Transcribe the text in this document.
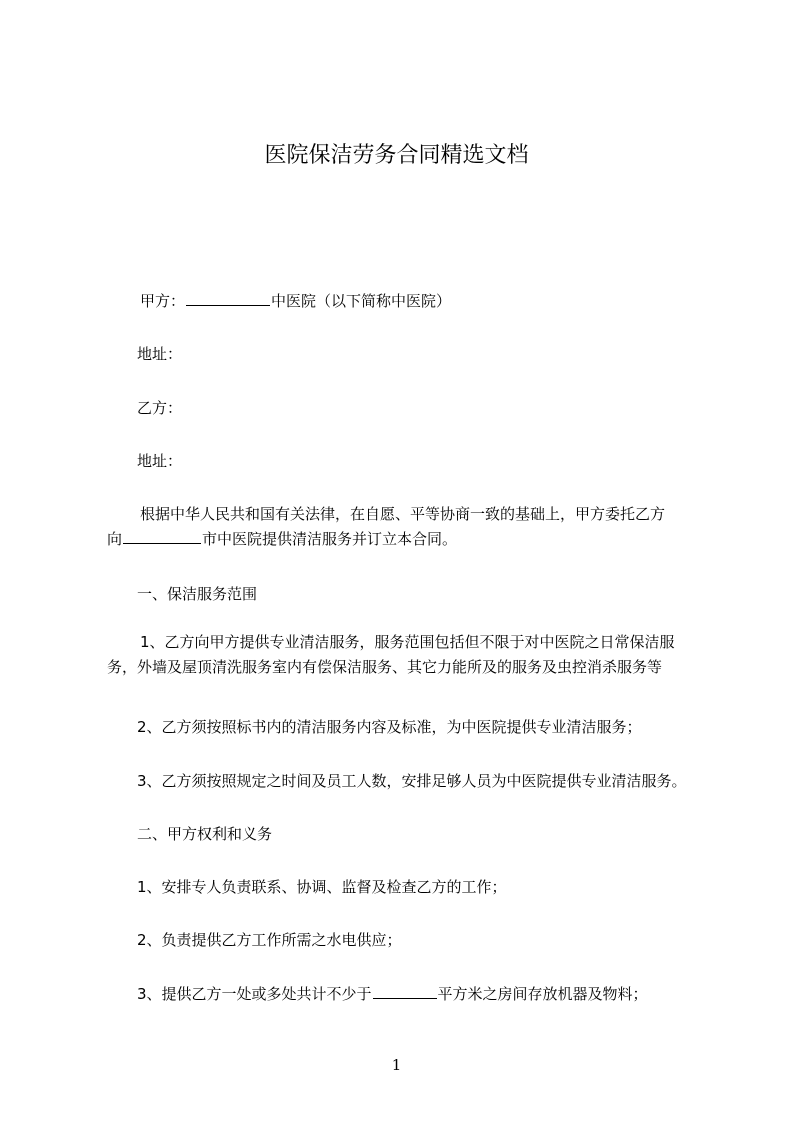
医院保洁劳务合同精选文档
甲方：	中医院（以下简称中医院）
地址：
乙方：
地址：
根据中华人民共和国有关法律，在自愿、平等协商一致的基础上，甲方委托乙方
向	市中医院提供清洁服务并订立本合同。
一、保洁服务范围
1、乙方向甲方提供专业清洁服务，服务范围包括但不限于对中医院之日常保洁服
务，外墙及屋顶清洗服务室内有偿保洁服务、其它力能所及的服务及虫控消杀服务等
2、乙方须按照标书内的清洁服务内容及标准，为中医院提供专业清洁服务；
3、乙方须按照规定之时间及员工人数，安排足够人员为中医院提供专业清洁服务。
二、甲方权利和义务
1、安排专人负责联系、协调、监督及检查乙方的工作；
2、负责提供乙方工作所需之水电供应；
3、提供乙方一处或多处共计不少于	平方米之房间存放机器及物料；
1
